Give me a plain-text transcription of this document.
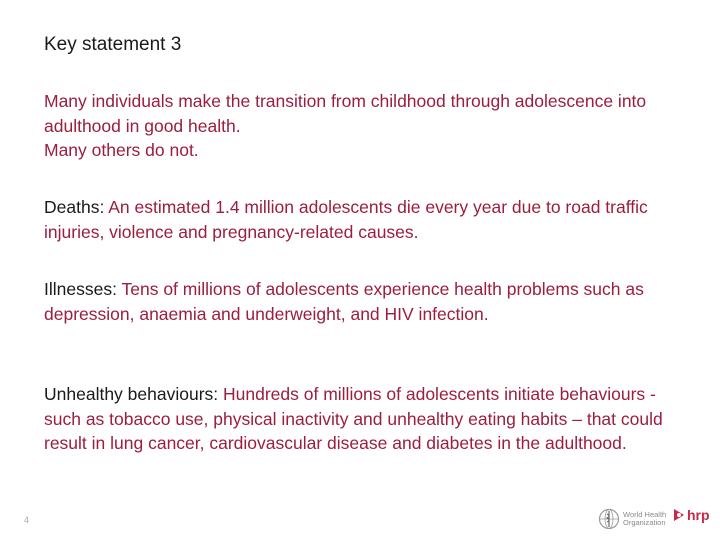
Key statement 3
Many individuals make the transition from childhood through adolescence into adulthood in good health.
Many others do not.
Deaths: An estimated 1.4 million adolescents die every year due to road traffic injuries, violence and pregnancy-related causes.
Illnesses: Tens of millions of adolescents experience health problems such as depression, anaemia and underweight, and HIV infection.
Unhealthy behaviours: Hundreds of millions of adolescents initiate behaviours - such as tobacco use, physical inactivity and unhealthy eating habits – that could result in lung cancer, cardiovascular disease and diabetes in the adulthood.
4
World Health
Organization hrp
